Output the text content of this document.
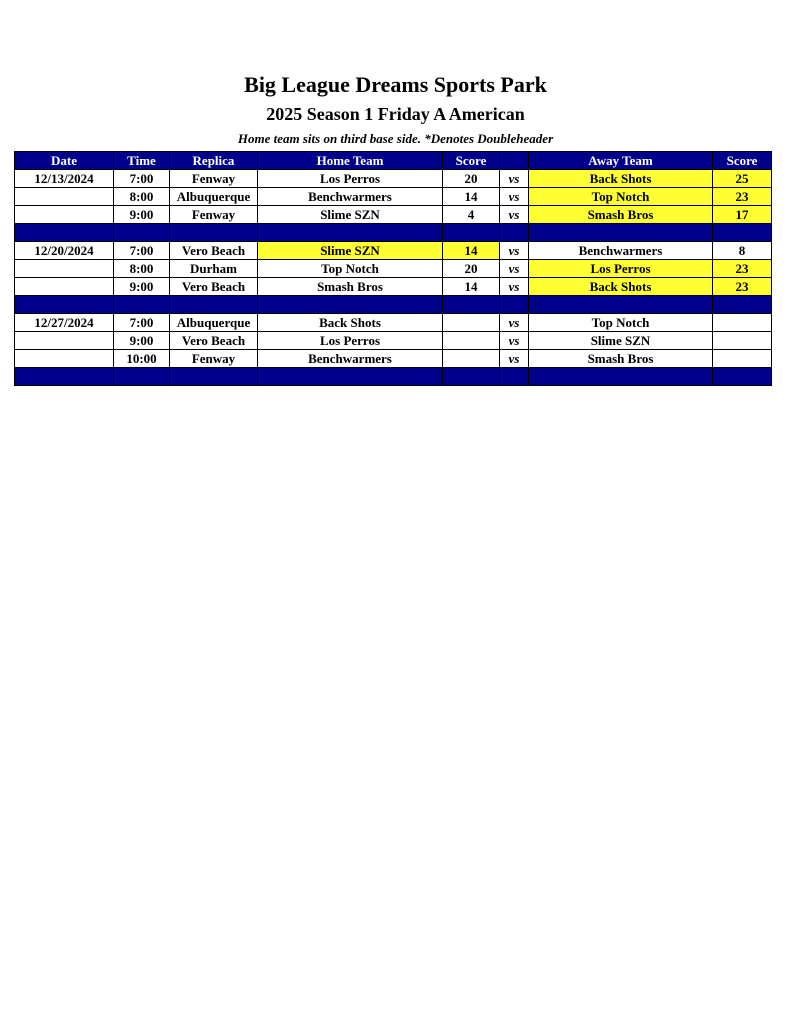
Big League Dreams Sports Park
2025 Season 1 Friday A American
Home team sits on third base side. *Denotes Doubleheader
Date	Time	Replica	Home Team	Score		Away Team	Score
12/13/2024	7:00	Fenway	Los Perros	20	vs	Back Shots	25
	8:00	Albuquerque	Benchwarmers	14	vs	Top Notch	23
	9:00	Fenway	Slime SZN	4	vs	Smash Bros	17

12/20/2024	7:00	Vero Beach	Slime SZN	14	vs	Benchwarmers	8
	8:00	Durham	Top Notch	20	vs	Los Perros	23
	9:00	Vero Beach	Smash Bros	14	vs	Back Shots	23

12/27/2024	7:00	Albuquerque	Back Shots		vs	Top Notch	
	9:00	Vero Beach	Los Perros		vs	Slime SZN	
	10:00	Fenway	Benchwarmers		vs	Smash Bros	
